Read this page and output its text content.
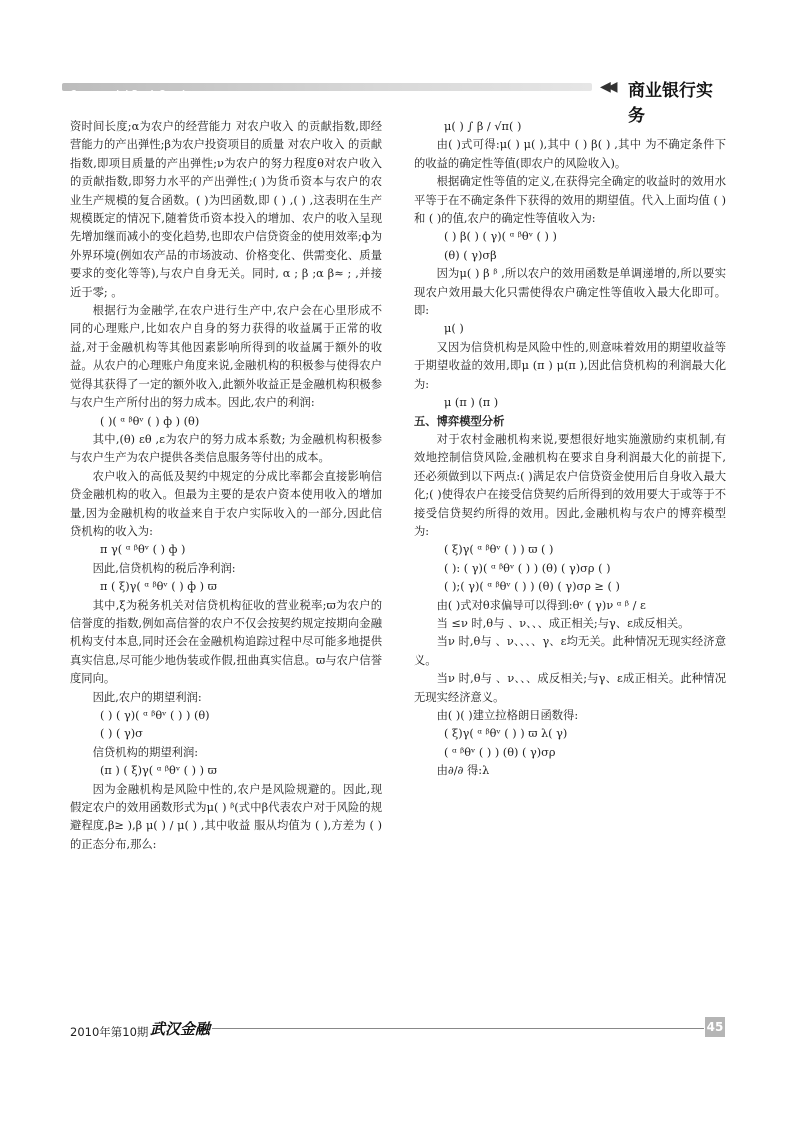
Commercial Bank Service	◀◀ 商业银行实务

资时间长度;α为农户的经营能力 对农户收入 的贡献指数,即经营能力的产出弹性;β为农户投资项目的质量 对农户收入 的贡献指数,即项目质量的产出弹性;ν为农户的努力程度θ对农户收入 的贡献指数,即努力水平的产出弹性;( )为货币资本与农户的农业生产规模的复合函数。( )为凹函数,即 ( ) ,( ) ,这表明在生产规模既定的情况下,随着货币资本投入的增加、农户的收入呈现先增加继而减小的变化趋势,也即农户信贷资金的使用效率;ф为外界环境(例如农产品的市场波动、价格变化、供需变化、质量要求的变化等等),与农户自身无关。同时, α ; β ;α β≈ ; ,并接近于零; 。

根据行为金融学,在农户进行生产中,农户会在心里形成不同的心理账户,比如农户自身的努力获得的收益属于正常的收益,对于金融机构等其他因素影响所得到的收益属于额外的收益。从农户的心理账户角度来说,金融机构的积极参与使得农户觉得其获得了一定的额外收入,此额外收益正是金融机构积极参与农户生产所付出的努力成本。因此,农户的利润:

( )( ᵅ ᵝθᵛ ( ) ф ) (θ)

其中,(θ) εθ ,ε为农户的努力成本系数; 为金融机构积极参与农户生产为农户提供各类信息服务等付出的成本。

农户收入的高低及契约中规定的分成比率都会直接影响信贷金融机构的收入。但最为主要的是农户资本使用收入的增加量,因为金融机构的收益来自于农户实际收入的一部分,因此信贷机构的收入为:

π γ( ᵅ ᵝθᵛ ( ) ф )

因此,信贷机构的税后净利润:

π ( ξ)γ( ᵅ ᵝθᵛ ( ) ф ) ϖ

其中,ξ为税务机关对信贷机构征收的营业税率;ϖ为农户的信誉度的指数,例如高信誉的农户不仅会按契约规定按期向金融机构支付本息,同时还会在金融机构追踪过程中尽可能多地提供真实信息,尽可能少地伪装或作假,扭曲真实信息。ϖ与农户信誉度同向。

因此,农户的期望利润:

( ) ( γ)( ᵅ ᵝθᵛ ( ) ) (θ)

( ) ( γ)σ

信贷机构的期望利润:

(π ) ( ξ)γ( ᵅ ᵝθᵛ ( ) ) ϖ

因为金融机构是风险中性的,农户是风险规避的。因此,现假定农户的效用函数形式为μ( ) ᵝ(式中β代表农户对于风险的规避程度,β≥ ),β μ( ) / μ( ) ,其中收益 服从均值为 ( ),方差为 ( )的正态分布,那么:

μ( ) ∫ β / √π( )

由( )式可得:μ( ) μ( ),其中 ( ) β( ) ,其中 为不确定条件下的收益的确定性等值(即农户的风险收入)。

根据确定性等值的定义,在获得完全确定的收益时的效用水平等于在不确定条件下获得的效用的期望值。代入上面均值 ( )和 ( )的值,农户的确定性等值收入为:

( ) β( ) ( γ)( ᵅ ᵝθᵛ ( ) )

(θ) ( γ)σβ

因为μ( ) β ᵝ ,所以农户的效用函数是单调递增的,所以要实现农户效用最大化只需使得农户确定性等值收入最大化即可。即:

μ( )

又因为信贷机构是风险中性的,则意味着效用的期望收益等于期望收益的效用,即μ (π ) μ(π ),因此信贷机构的利润最大化为:

μ (π ) (π )

五、博弈模型分析

对于农村金融机构来说,要想很好地实施激励约束机制,有效地控制信贷风险,金融机构在要求自身利润最大化的前提下,还必须做到以下两点:( )满足农户信贷资金使用后自身收入最大化;( )使得农户在接受信贷契约后所得到的效用要大于或等于不接受信贷契约所得的效用。因此,金融机构与农户的博弈模型为:

( ξ)γ( ᵅ ᵝθᵛ ( ) ) ϖ ( )

( ): ( γ)( ᵅ ᵝθᵛ ( ) ) (θ) ( γ)σρ ( )

( );( γ)( ᵅ ᵝθᵛ ( ) ) (θ) ( γ)σρ ≥ ( )

由( )式对θ求偏导可以得到:θᵛ ( γ)ν ᵅ ᵝ / ε

当 ≤ν 时,θ与 、ν、、、成正相关;与γ、ε成反相关。

当ν 时,θ与 、ν、、、、γ、ε均无关。此种情况无现实经济意义。

当ν 时,θ与 、ν、、、成反相关;与γ、ε成正相关。此种情况无现实经济意义。

由( )( )建立拉格朗日函数得:

( ξ)γ( ᵅ ᵝθᵛ ( ) ) ϖ λ( γ)

( ᵅ ᵝθᵛ ( ) ) (θ) ( γ)σρ

由∂/∂ 得:λ

2010年第10期 武汉金融	45
